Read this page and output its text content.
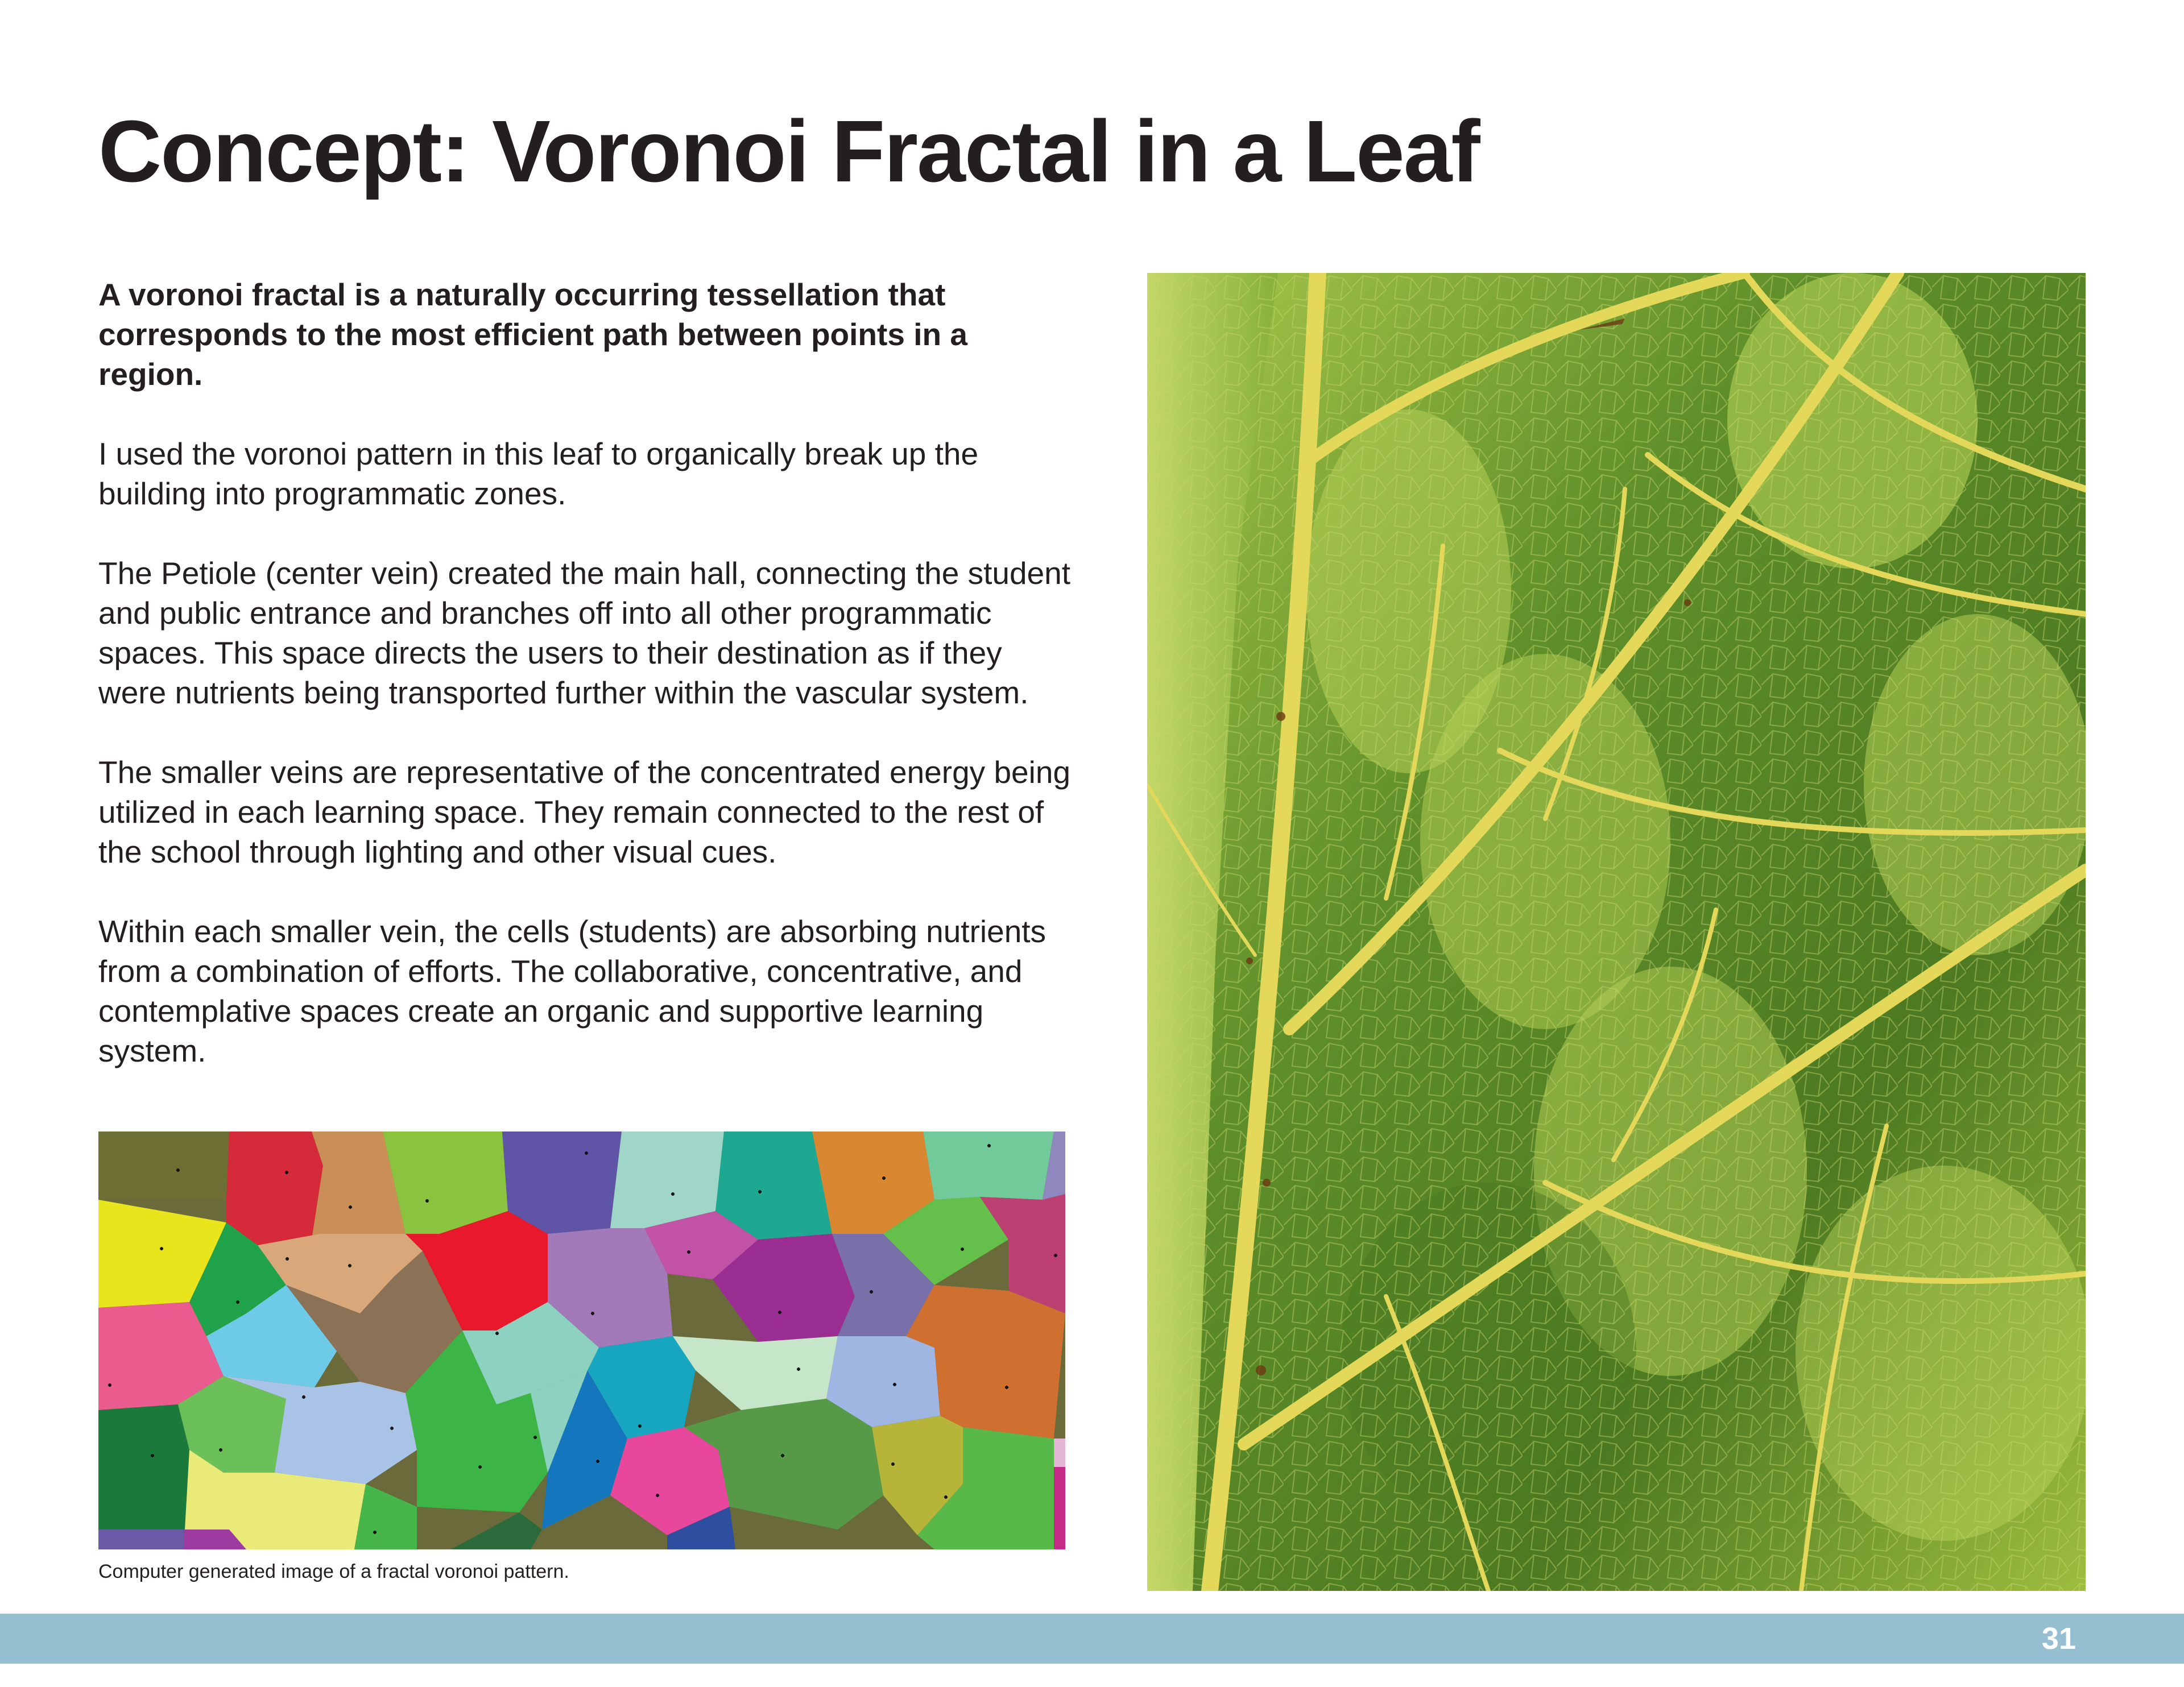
Concept: Voronoi Fractal in a Leaf

A voronoi fractal is a naturally occurring tessellation that corresponds to the most efficient path between points in a region.

I used the voronoi pattern in this leaf to organically break up the building into programmatic zones.

The Petiole (center vein) created the main hall, connecting the student and public entrance and branches off into all other programmatic spaces. This space directs the users to their destination as if they were nutrients being transported further within the vascular system.

The smaller veins are representative of the concentrated energy being utilized in each learning space. They remain connected to the rest of the school through lighting and other visual cues.

Within each smaller vein, the cells (students) are absorbing nutrients from a combination of efforts. The collaborative, concentrative, and contemplative spaces create an organic and supportive learning system.

Computer generated image of a fractal voronoi pattern.
31
